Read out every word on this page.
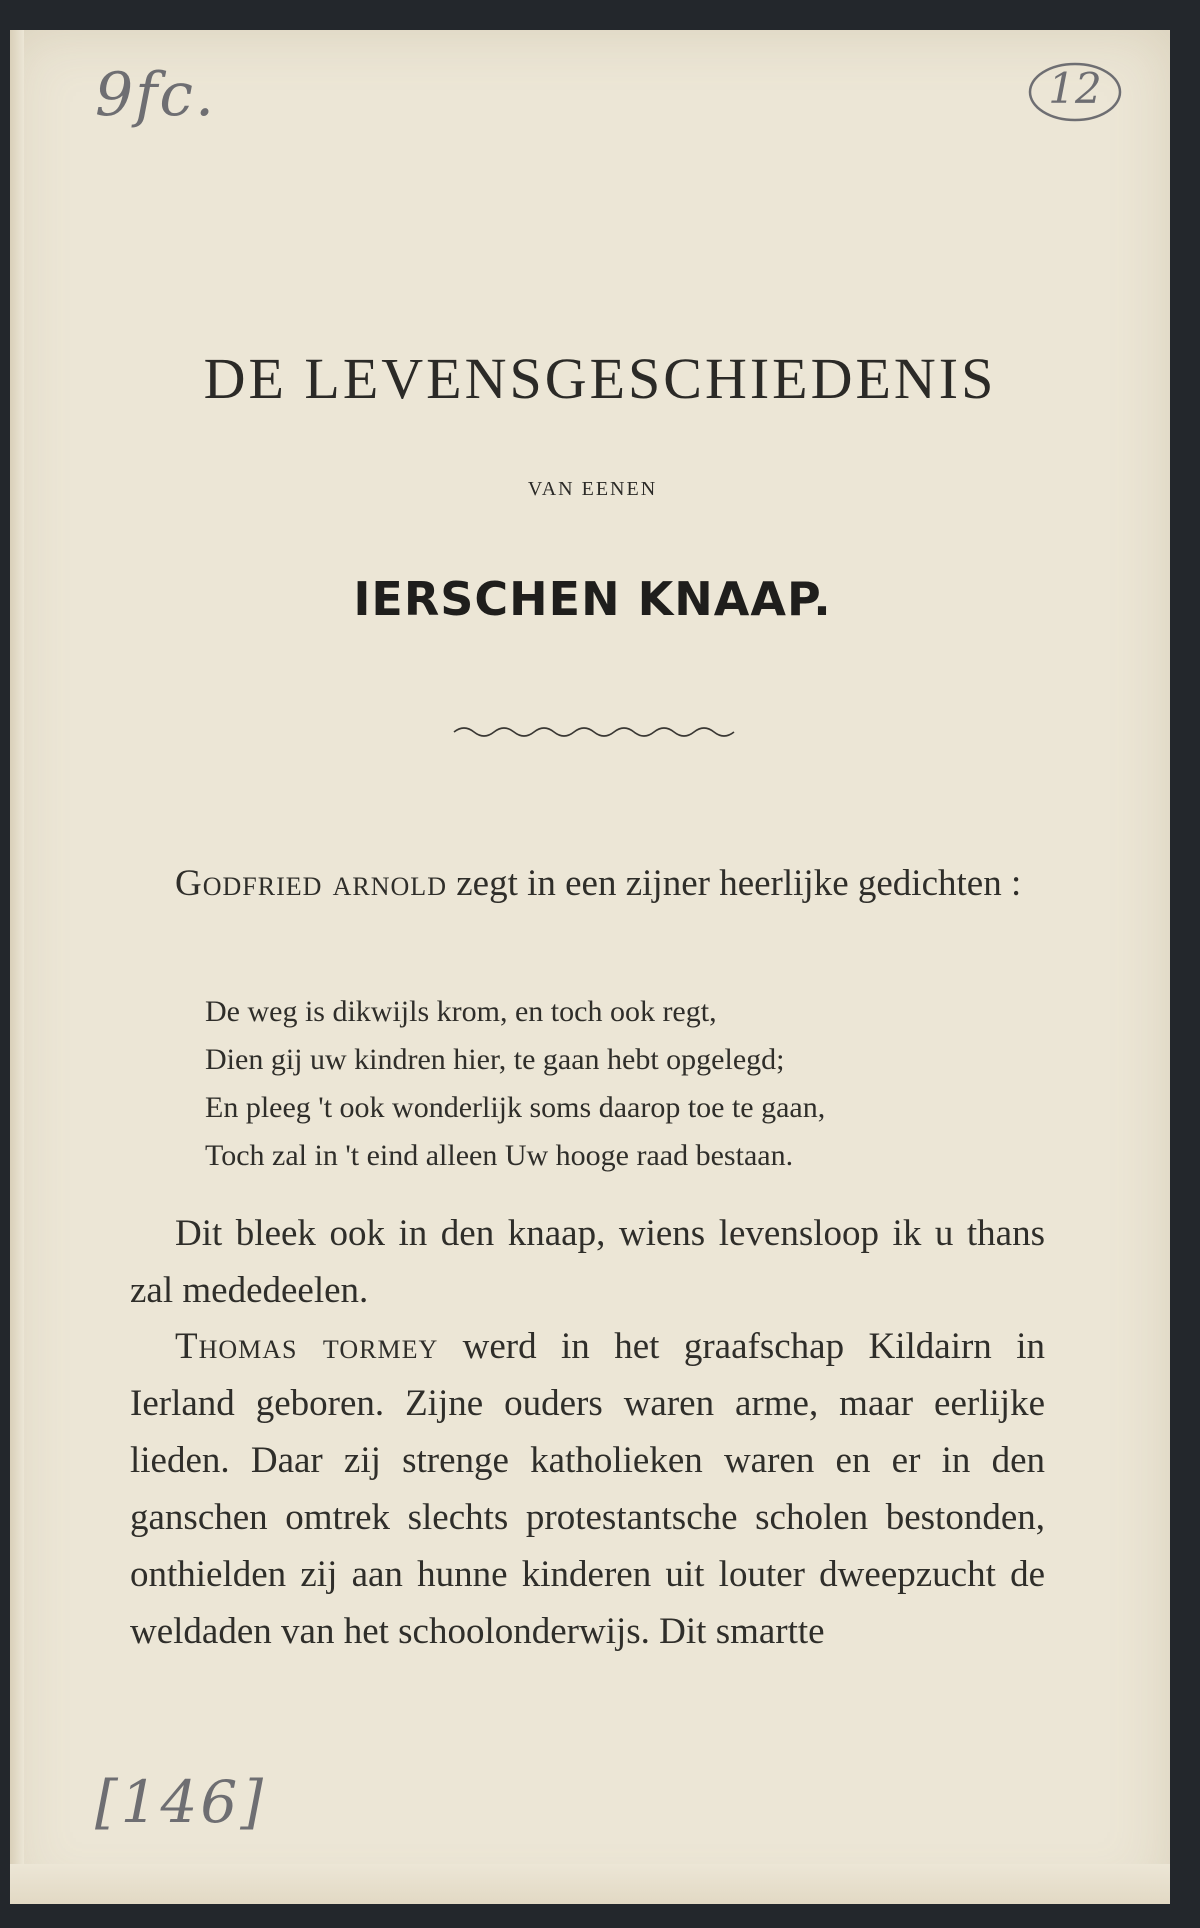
9fc.	12
[146]
DE LEVENSGESCHIEDENIS
VAN EENEN
IERSCHEN KNAAP.
Godfried arnold zegt in een zijner heerlijke gedichten :
De weg is dikwijls krom, en toch ook regt,
Dien gij uw kindren hier, te gaan hebt opgelegd;
En pleeg 't ook wonderlijk soms daarop toe te gaan,
Toch zal in 't eind alleen Uw hooge raad bestaan.
Dit bleek ook in den knaap, wiens levensloop ik u thans zal mededeelen.
Thomas tormey werd in het graafschap Kildairn in Ierland geboren. Zijne ouders waren arme, maar eerlijke lieden. Daar zij strenge katholieken waren en er in den ganschen omtrek slechts protestantsche scholen bestonden, onthielden zij aan hunne kinderen uit louter dweepzucht de weldaden van het schoolonderwijs. Dit smartte
